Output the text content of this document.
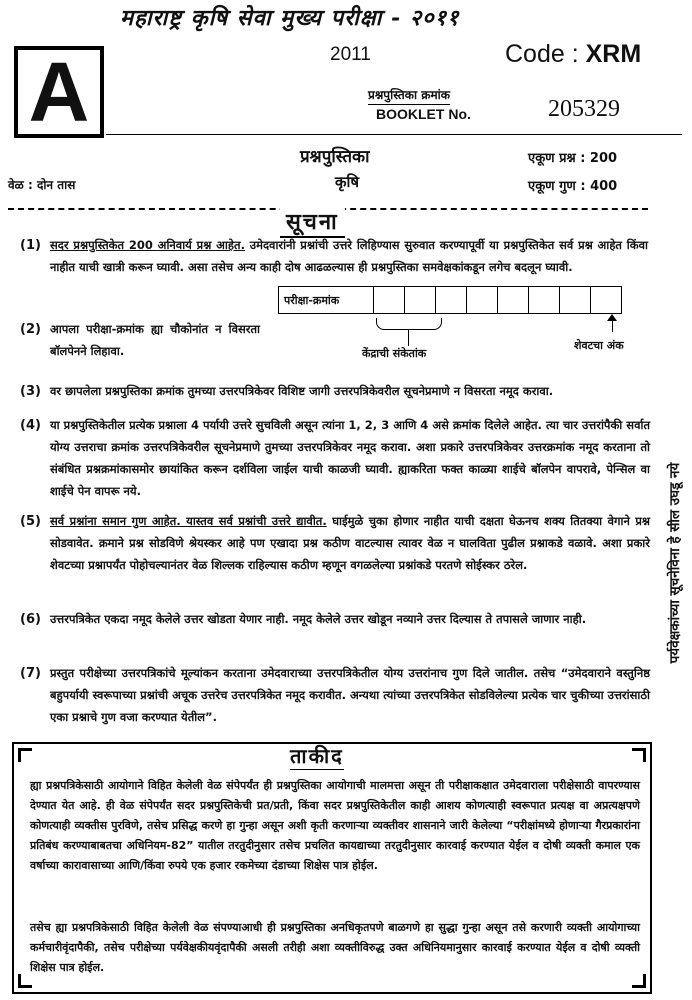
महाराष्ट्र कृषि सेवा मुख्य परीक्षा - २०११
A	2011	Code : XRM
प्रश्नपुस्तिका क्रमांक
BOOKLET No.	205329
प्रश्नपुस्तिका
कृषि
एकूण प्रश्न : 200
एकूण गुण : 400
वेळ : दोन तास
सूचना
(1) सदर प्रश्नपुस्तिकेत 200 अनिवार्य प्रश्न आहेत. उमेदवारांनी प्रश्नांची उत्तरे लिहिण्यास सुरुवात करण्यापूर्वी या प्रश्नपुस्तिकेत सर्व प्रश्न आहेत किंवा नाहीत याची खात्री करून घ्यावी. असा तसेच अन्य काही दोष आढळल्यास ही प्रश्नपुस्तिका समवेक्षकांकडून लगेच बदलून घ्यावी.
परीक्षा-क्रमांक
केंद्राची संकेतांक
शेवटचा अंक
(2) आपला परीक्षा-क्रमांक ह्या चौकोनांत न विसरता बॉलपेनने लिहावा.
(3) वर छापलेला प्रश्नपुस्तिका क्रमांक तुमच्या उत्तरपत्रिकेवर विशिष्ट जागी उत्तरपत्रिकेवरील सूचनेप्रमाणे न विसरता नमूद करावा.
(4) या प्रश्नपुस्तिकेतील प्रत्येक प्रश्नाला 4 पर्यायी उत्तरे सुचविली असून त्यांना 1, 2, 3 आणि 4 असे क्रमांक दिलेले आहेत. त्या चार उत्तरांपैकी सर्वात योग्य उत्तराचा क्रमांक उत्तरपत्रिकेवरील सूचनेप्रमाणे तुमच्या उत्तरपत्रिकेवर नमूद करावा. अशा प्रकारे उत्तरपत्रिकेवर उत्तरक्रमांक नमूद करताना तो संबंधित प्रश्नक्रमांकासमोर छायांकित करून दर्शविला जाईल याची काळजी घ्यावी. ह्याकरिता फक्त काळ्या शाईचे बॉलपेन वापरावे, पेन्सिल वा शाईचे पेन वापरू नये.
(5) सर्व प्रश्नांना समान गुण आहेत. यास्तव सर्व प्रश्नांची उत्तरे द्यावीत. घाईमुळे चुका होणार नाहीत याची दक्षता घेऊनच शक्य तितक्या वेगाने प्रश्न सोडवावेत. क्रमाने प्रश्न सोडविणे श्रेयस्कर आहे पण एखादा प्रश्न कठीण वाटल्यास त्यावर वेळ न घालविता पुढील प्रश्नाकडे वळावे. अशा प्रकारे शेवटच्या प्रश्नापर्यंत पोहोचल्यानंतर वेळ शिल्लक राहिल्यास कठीण म्हणून वगळलेल्या प्रश्नांकडे परतणे सोईस्कर ठरेल.
(6) उत्तरपत्रिकेत एकदा नमूद केलेले उत्तर खोडता येणार नाही. नमूद केलेले उत्तर खोडून नव्याने उत्तर दिल्यास ते तपासले जाणार नाही.
(7) प्रस्तुत परीक्षेच्या उत्तरपत्रिकांचे मूल्यांकन करताना उमेदवाराच्या उत्तरपत्रिकेतील योग्य उत्तरांनाच गुण दिले जातील. तसेच “उमेदवाराने वस्तुनिष्ठ बहुपर्यायी स्वरूपाच्या प्रश्नांची अचूक उत्तरेच उत्तरपत्रिकेत नमूद करावीत. अन्यथा त्यांच्या उत्तरपत्रिकेत सोडविलेल्या प्रत्येक चार चुकीच्या उत्तरांसाठी एका प्रश्नाचे गुण वजा करण्यात येतील”.
पर्यवेक्षकांच्या सूचनेविना हे सील उघडू नये
ताकीद
ह्या प्रश्नपत्रिकेसाठी आयोगाने विहित केलेली वेळ संपेपर्यंत ही प्रश्नपुस्तिका आयोगाची मालमत्ता असून ती परीक्षाकक्षात उमेदवाराला परीक्षेसाठी वापरण्यास देण्यात येत आहे. ही वेळ संपेपर्यंत सदर प्रश्नपुस्तिकेची प्रत/प्रती, किंवा सदर प्रश्नपुस्तिकेतील काही आशय कोणत्याही स्वरूपात प्रत्यक्ष वा अप्रत्यक्षपणे कोणत्याही व्यक्तीस पुरविणे, तसेच प्रसिद्ध करणे हा गुन्हा असून अशी कृती करणाऱ्या व्यक्तीवर शासनाने जारी केलेल्या “परीक्षांमध्ये होणाऱ्या गैरप्रकारांना प्रतिबंध करण्याबाबतचा अधिनियम-82” यातील तरतुदीनुसार तसेच प्रचलित कायद्याच्या तरतुदीनुसार कारवाई करण्यात येईल व दोषी व्यक्ती कमाल एक वर्षाच्या कारावासाच्या आणि/किंवा रुपये एक हजार रकमेच्या दंडाच्या शिक्षेस पात्र होईल.
तसेच ह्या प्रश्नपत्रिकेसाठी विहित केलेली वेळ संपण्याआधी ही प्रश्नपुस्तिका अनधिकृतपणे बाळगणे हा सुद्धा गुन्हा असून तसे करणारी व्यक्ती आयोगाच्या कर्मचारीवृंदापैकी, तसेच परीक्षेच्या पर्यवेक्षकीयवृंदापैकी असली तरीही अशा व्यक्तीविरुद्ध उक्त अधिनियमानुसार कारवाई करण्यात येईल व दोषी व्यक्ती शिक्षेस पात्र होईल.
